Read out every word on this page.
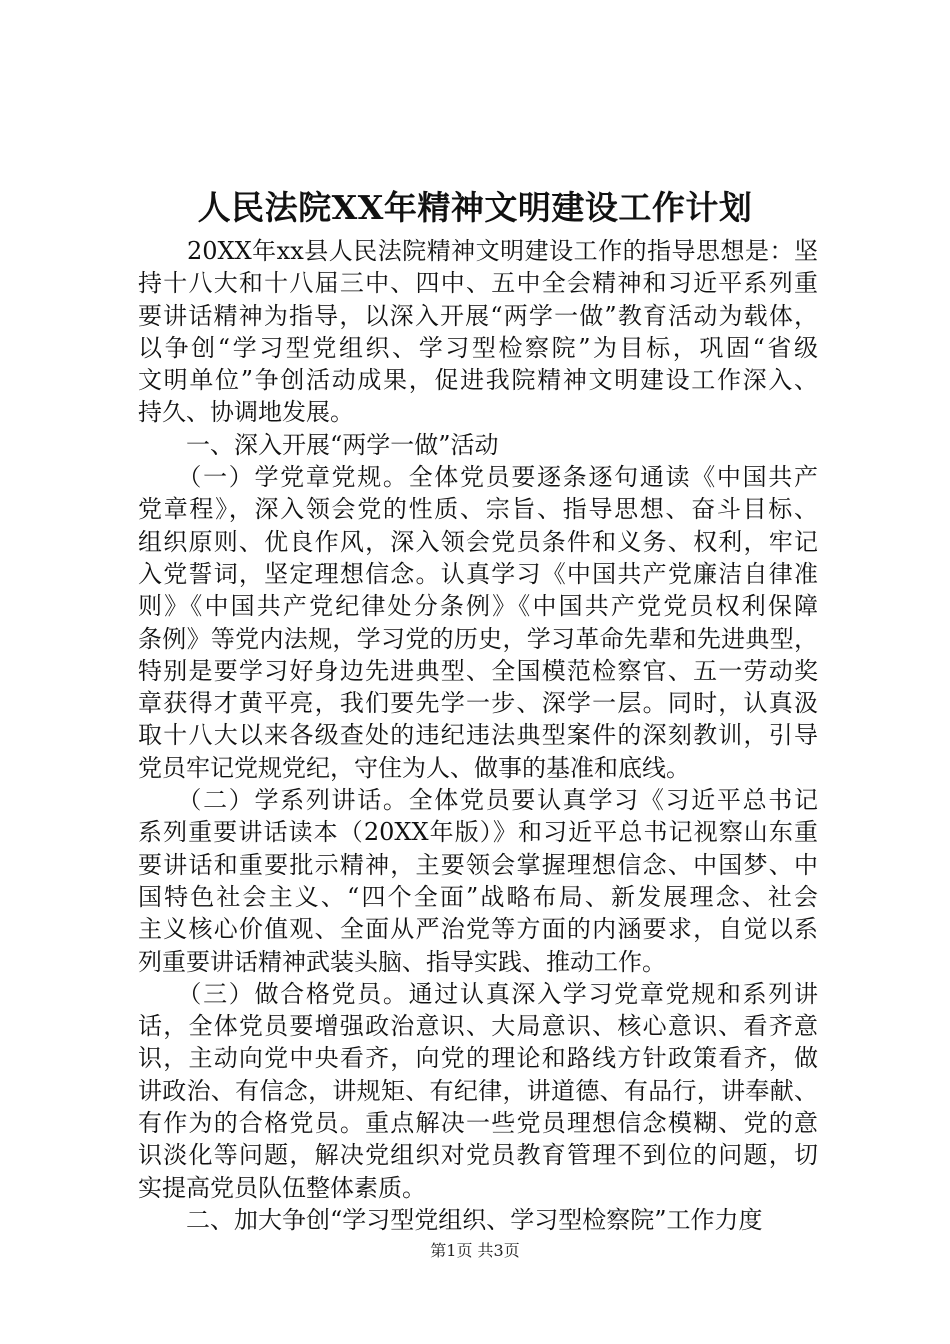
人民法院XX年精神文明建设工作计划
　　20XX年xx县人民法院精神文明建设工作的指导思想是：坚
持十八大和十八届三中、四中、五中全会精神和习近平系列重
要讲话精神为指导，以深入开展“两学一做”教育活动为载体，
以争创“学习型党组织、学习型检察院”为目标，巩固“省级
文明单位”争创活动成果，促进我院精神文明建设工作深入、
持久、协调地发展。
　　一、深入开展“两学一做”活动
　　（一）学党章党规。全体党员要逐条逐句通读《中国共产
党章程》，深入领会党的性质、宗旨、指导思想、奋斗目标、
组织原则、优良作风，深入领会党员条件和义务、权利，牢记
入党誓词，坚定理想信念。认真学习《中国共产党廉洁自律准
则》《中国共产党纪律处分条例》《中国共产党党员权利保障
条例》等党内法规，学习党的历史，学习革命先辈和先进典型，
特别是要学习好身边先进典型、全国模范检察官、五一劳动奖
章获得才黄平亮，我们要先学一步、深学一层。同时，认真汲
取十八大以来各级查处的违纪违法典型案件的深刻教训，引导
党员牢记党规党纪，守住为人、做事的基准和底线。
　　（二）学系列讲话。全体党员要认真学习《习近平总书记
系列重要讲话读本（20XX年版）》和习近平总书记视察山东重
要讲话和重要批示精神，主要领会掌握理想信念、中国梦、中
国特色社会主义、“四个全面”战略布局、新发展理念、社会
主义核心价值观、全面从严治党等方面的内涵要求，自觉以系
列重要讲话精神武装头脑、指导实践、推动工作。
　　（三）做合格党员。通过认真深入学习党章党规和系列讲
话，全体党员要增强政治意识、大局意识、核心意识、看齐意
识，主动向党中央看齐，向党的理论和路线方针政策看齐，做
讲政治、有信念，讲规矩、有纪律，讲道德、有品行，讲奉献、
有作为的合格党员。重点解决一些党员理想信念模糊、党的意
识淡化等问题，解决党组织对党员教育管理不到位的问题，切
实提高党员队伍整体素质。
　　二、加大争创“学习型党组织、学习型检察院”工作力度
第1页 共3页
